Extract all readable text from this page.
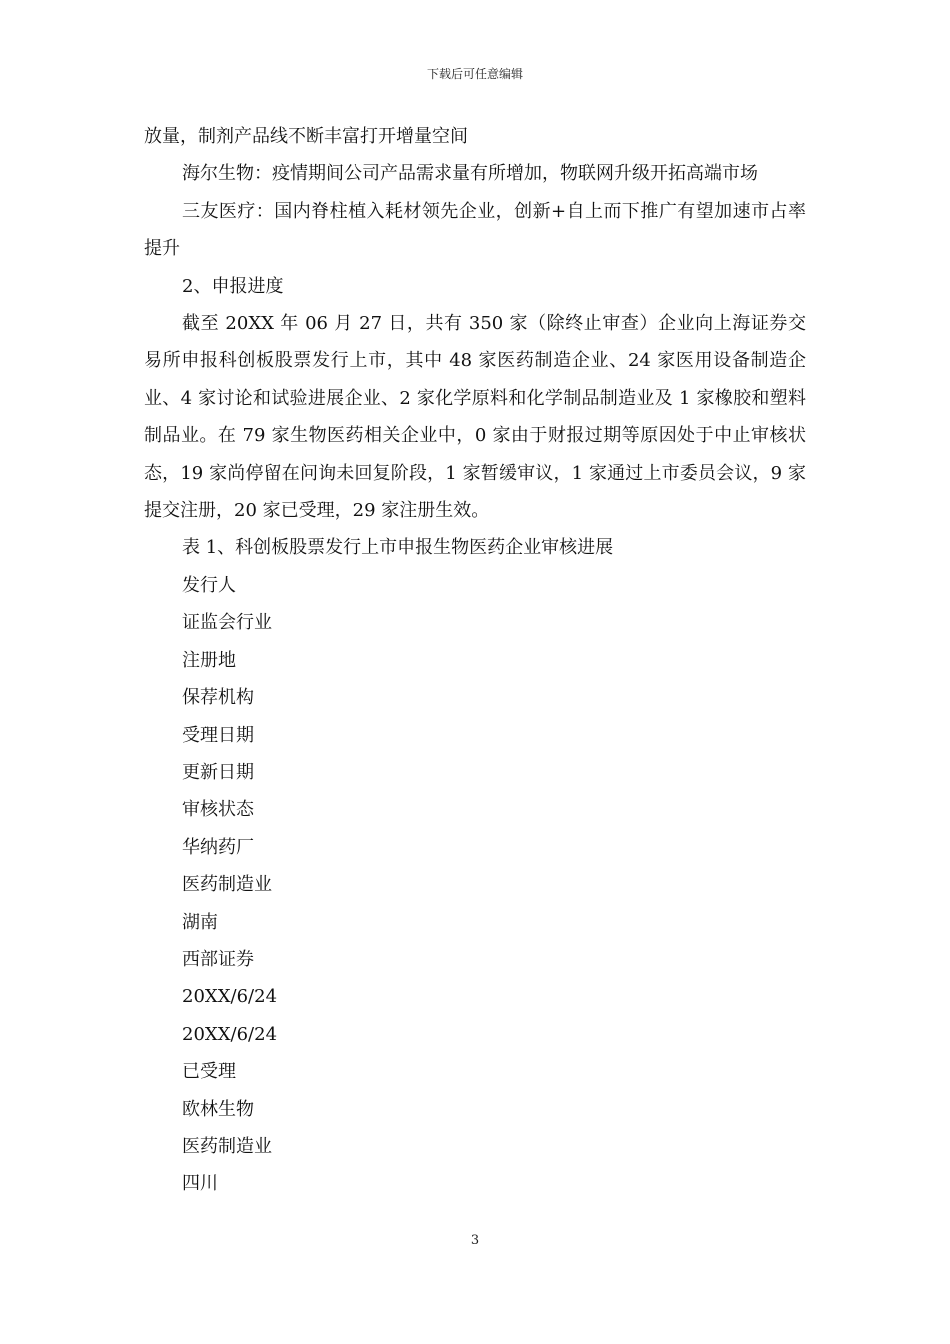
下载后可任意编辑

放量，制剂产品线不断丰富打开增量空间

海尔生物：疫情期间公司产品需求量有所增加，物联网升级开拓高端市场

三友医疗：国内脊柱植入耗材领先企业，创新+自上而下推广有望加速市占率提升

2、申报进度

截至 20XX 年 06 月 27 日，共有 350 家（除终止审查）企业向上海证券交易所申报科创板股票发行上市，其中 48 家医药制造企业、24 家医用设备制造企业、4 家讨论和试验进展企业、2 家化学原料和化学制品制造业及 1 家橡胶和塑料制品业。在 79 家生物医药相关企业中，0 家由于财报过期等原因处于中止审核状态，19 家尚停留在问询未回复阶段，1 家暂缓审议，1 家通过上市委员会议，9 家提交注册，20 家已受理，29 家注册生效。

表 1、科创板股票发行上市申报生物医药企业审核进展

发行人

证监会行业

注册地

保荐机构

受理日期

更新日期

审核状态

华纳药厂

医药制造业

湖南

西部证券

20XX/6/24

20XX/6/24

已受理

欧林生物

医药制造业

四川

3
